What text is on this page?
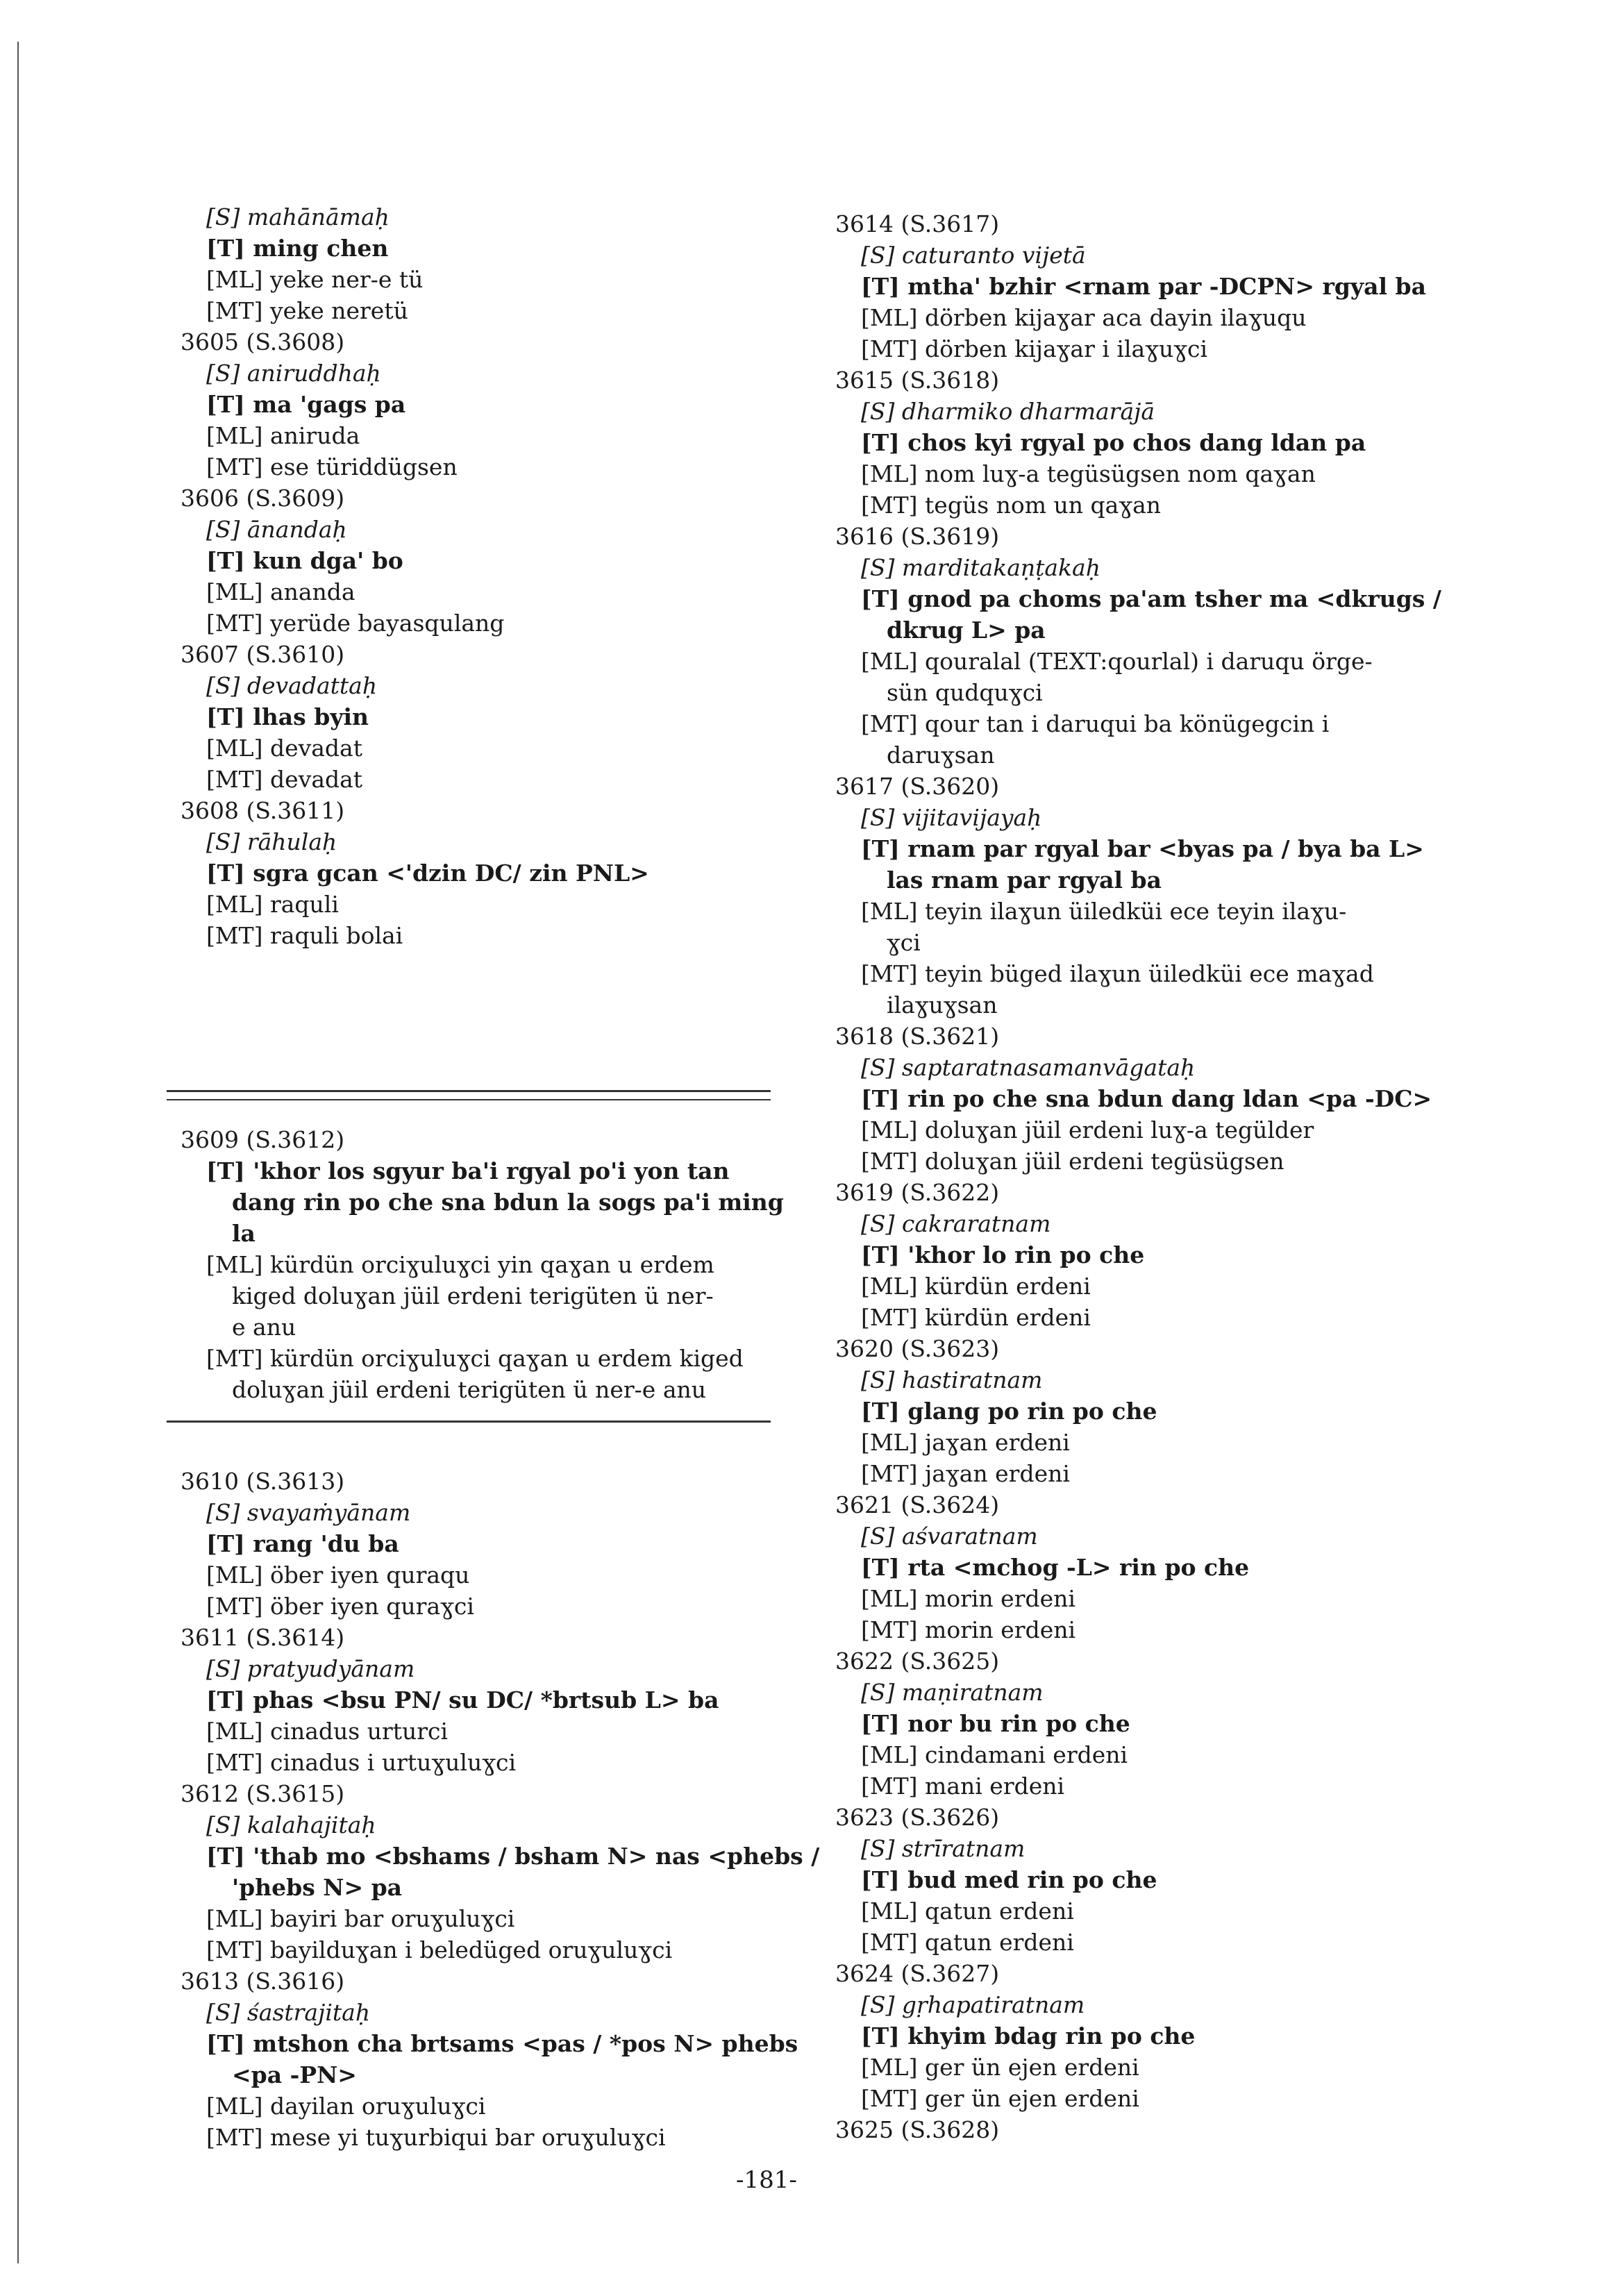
[S] mahānāmaḥ
[T] ming chen
[ML] yeke ner-e tü
[MT] yeke neretü
3605 (S.3608)
[S] aniruddhaḥ
[T] ma 'gags pa
[ML] aniruda
[MT] ese türiddügsen
3606 (S.3609)
[S] ānandaḥ
[T] kun dga' bo
[ML] ananda
[MT] yerüde bayasqulang
3607 (S.3610)
[S] devadattaḥ
[T] lhas byin
[ML] devadat
[MT] devadat
3608 (S.3611)
[S] rāhulaḥ
[T] sgra gcan <'dzin DC/ zin PNL>
[ML] raquli
[MT] raquli bolai
3609 (S.3612)
[T] 'khor los sgyur ba'i rgyal po'i yon tan
dang rin po che sna bdun la sogs pa'i ming
la
[ML] kürdün orciɣuluɣci yin qaɣan u erdem
kiged doluɣan jüil erdeni terigüten ü ner-
e anu
[MT] kürdün orciɣuluɣci qaɣan u erdem kiged
doluɣan jüil erdeni terigüten ü ner-e anu
3610 (S.3613)
[S] svayaṁyānam
[T] rang 'du ba
[ML] öber iyen quraqu
[MT] öber iyen quraɣci
3611 (S.3614)
[S] pratyudyānam
[T] phas <bsu PN/ su DC/ *brtsub L> ba
[ML] cinadus urturci
[MT] cinadus i urtuɣuluɣci
3612 (S.3615)
[S] kalahajitaḥ
[T] 'thab mo <bshams / bsham N> nas <phebs /
'phebs N> pa
[ML] bayiri bar oruɣuluɣci
[MT] bayilduɣan i beledüged oruɣuluɣci
3613 (S.3616)
[S] śastrajitaḥ
[T] mtshon cha brtsams <pas / *pos N> phebs
<pa -PN>
[ML] dayilan oruɣuluɣci
[MT] mese yi tuɣurbiqui bar oruɣuluɣci
3614 (S.3617)
[S] caturanto vijetā
[T] mtha' bzhir <rnam par -DCPN> rgyal ba
[ML] dörben kijaɣar aca dayin ilaɣuqu
[MT] dörben kijaɣar i ilaɣuɣci
3615 (S.3618)
[S] dharmiko dharmarājā
[T] chos kyi rgyal po chos dang ldan pa
[ML] nom luɣ-a tegüsügsen nom qaɣan
[MT] tegüs nom un qaɣan
3616 (S.3619)
[S] marditakaṇṭakaḥ
[T] gnod pa choms pa'am tsher ma <dkrugs /
dkrug L> pa
[ML] qouralal (TEXT:qourlal) i daruqu örge-
sün qudquɣci
[MT] qour tan i daruqui ba könügegcin i
daruɣsan
3617 (S.3620)
[S] vijitavijayaḥ
[T] rnam par rgyal bar <byas pa / bya ba L>
las rnam par rgyal ba
[ML] teyin ilaɣun üiledküi ece teyin ilaɣu-
ɣci
[MT] teyin büged ilaɣun üiledküi ece maɣad
ilaɣuɣsan
3618 (S.3621)
[S] saptaratnasamanvāgataḥ
[T] rin po che sna bdun dang ldan <pa -DC>
[ML] doluɣan jüil erdeni luɣ-a tegülder
[MT] doluɣan jüil erdeni tegüsügsen
3619 (S.3622)
[S] cakraratnam
[T] 'khor lo rin po che
[ML] kürdün erdeni
[MT] kürdün erdeni
3620 (S.3623)
[S] hastiratnam
[T] glang po rin po che
[ML] jaɣan erdeni
[MT] jaɣan erdeni
3621 (S.3624)
[S] aśvaratnam
[T] rta <mchog -L> rin po che
[ML] morin erdeni
[MT] morin erdeni
3622 (S.3625)
[S] maṇiratnam
[T] nor bu rin po che
[ML] cindamani erdeni
[MT] mani erdeni
3623 (S.3626)
[S] strīratnam
[T] bud med rin po che
[ML] qatun erdeni
[MT] qatun erdeni
3624 (S.3627)
[S] gṛhapatiratnam
[T] khyim bdag rin po che
[ML] ger ün ejen erdeni
[MT] ger ün ejen erdeni
3625 (S.3628)
-181-
